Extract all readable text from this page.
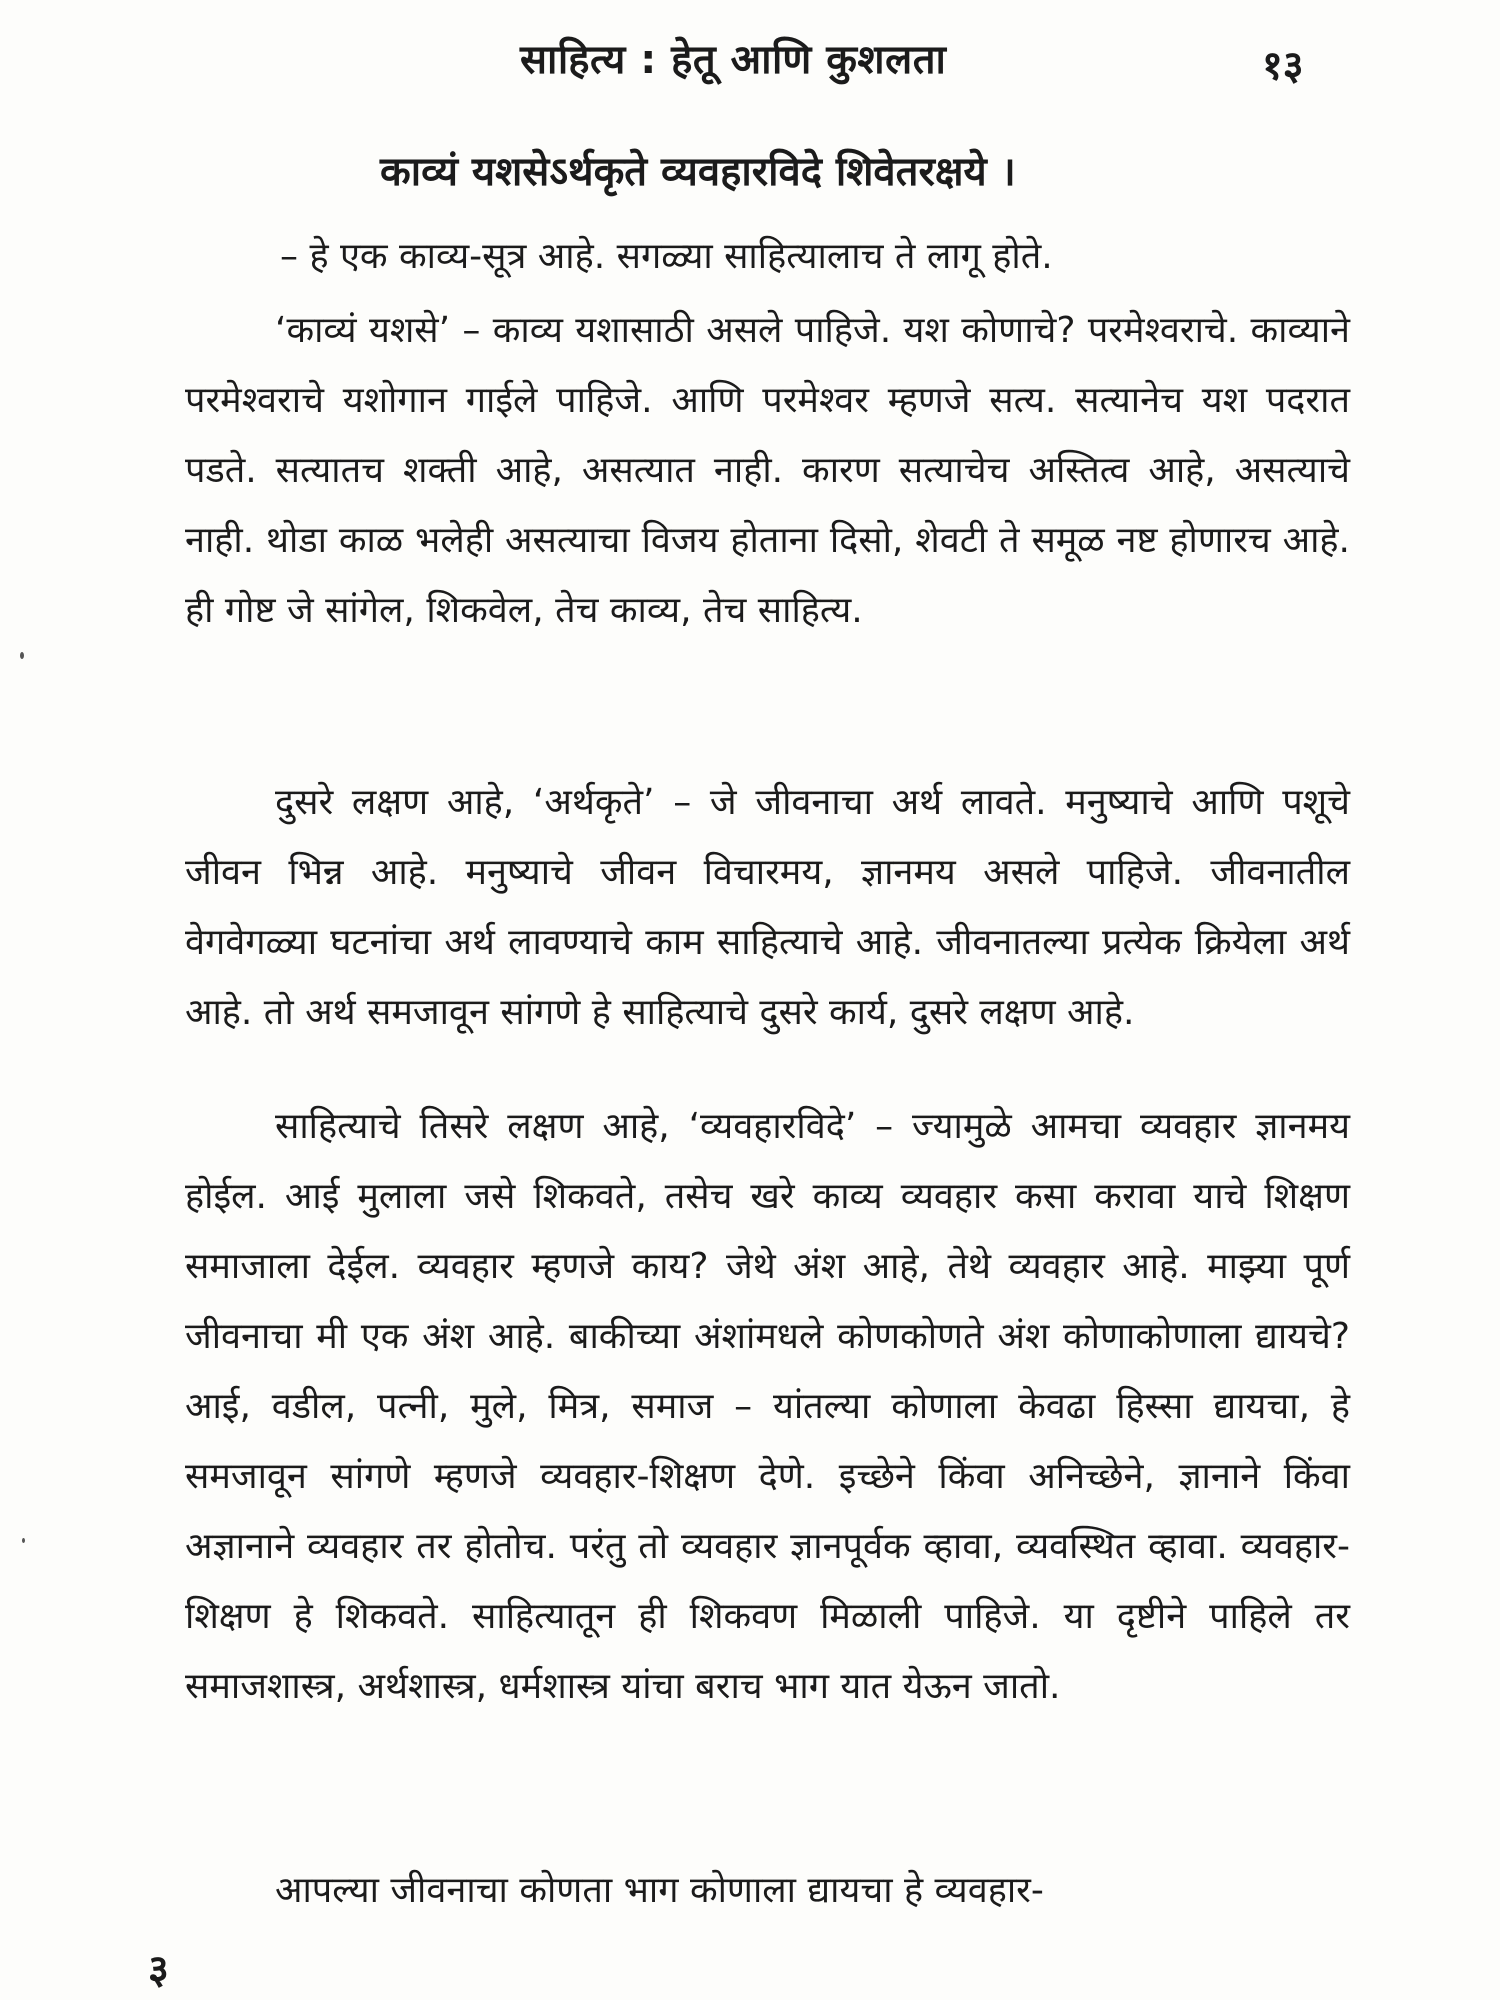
साहित्य : हेतू आणि कुशलता	१३
काव्यं यशसेऽर्थकृते व्यवहारविदे शिवेतरक्षये ।
– हे एक काव्य-सूत्र आहे. सगळ्या साहित्यालाच ते लागू होते.
‘काव्यं यशसे’ – काव्य यशासाठी असले पाहिजे. यश कोणाचे? परमेश्वराचे. काव्याने परमेश्वराचे यशोगान गाईले पाहिजे. आणि परमेश्वर म्हणजे सत्य. सत्यानेच यश पदरात पडते. सत्यातच शक्ती आहे, असत्यात नाही. कारण सत्याचेच अस्तित्व आहे, असत्याचे नाही. थोडा काळ भलेही असत्याचा विजय होताना दिसो, शेवटी ते समूळ नष्ट होणारच आहे. ही गोष्ट जे सांगेल, शिकवेल, तेच काव्य, तेच साहित्य.
दुसरे लक्षण आहे, ‘अर्थकृते’ – जे जीवनाचा अर्थ लावते. मनुष्याचे आणि पशूचे जीवन भिन्न आहे. मनुष्याचे जीवन विचारमय, ज्ञानमय असले पाहिजे. जीवनातील वेगवेगळ्या घटनांचा अर्थ लावण्याचे काम साहित्याचे आहे. जीवनातल्या प्रत्येक क्रियेला अर्थ आहे. तो अर्थ समजावून सांगणे हे साहित्याचे दुसरे कार्य, दुसरे लक्षण आहे.
साहित्याचे तिसरे लक्षण आहे, ‘व्यवहारविदे’ – ज्यामुळे आमचा व्यवहार ज्ञानमय होईल. आई मुलाला जसे शिकवते, तसेच खरे काव्य व्यवहार कसा करावा याचे शिक्षण समाजाला देईल. व्यवहार म्हणजे काय? जेथे अंश आहे, तेथे व्यवहार आहे. माझ्या पूर्ण जीवनाचा मी एक अंश आहे. बाकीच्या अंशांमधले कोणकोणते अंश कोणाकोणाला द्यायचे? आई, वडील, पत्नी, मुले, मित्र, समाज – यांतल्या कोणाला केवढा हिस्सा द्यायचा, हे समजावून सांगणे म्हणजे व्यवहार-शिक्षण देणे. इच्छेने किंवा अनिच्छेने, ज्ञानाने किंवा अज्ञानाने व्यवहार तर होतोच. परंतु तो व्यवहार ज्ञानपूर्वक व्हावा, व्यवस्थित व्हावा. व्यवहार-शिक्षण हे शिकवते. साहित्यातून ही शिकवण मिळाली पाहिजे. या दृष्टीने पाहिले तर समाजशास्त्र, अर्थशास्त्र, धर्मशास्त्र यांचा बराच भाग यात येऊन जातो.
आपल्या जीवनाचा कोणता भाग कोणाला द्यायचा हे व्यवहार-
३
